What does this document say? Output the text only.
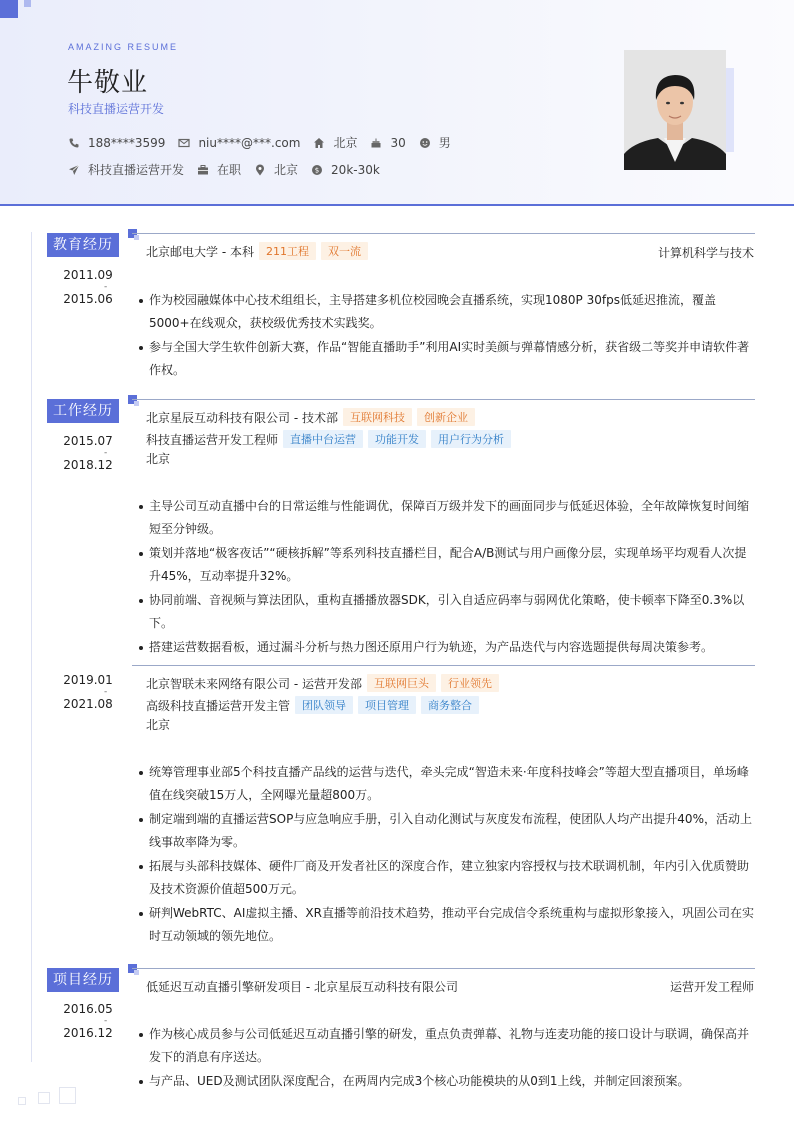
AMAZING RESUME
牛敬业
科技直播运营开发
188****3599	niu****@***.com	北京	30	男
科技直播运营开发	在职	北京 $ 20k-30k
教育经历
2011.09
-
2015.06
北京邮电大学 - 本科	211工程	双一流	计算机科学与技术
作为校园融媒体中心技术组组长，主导搭建多机位校园晚会直播系统，实现1080P 30fps低延迟推流，覆盖5000+在线观众，获校级优秀技术实践奖。
参与全国大学生软件创新大赛，作品“智能直播助手”利用AI实时美颜与弹幕情感分析，获省级二等奖并申请软件著作权。
工作经历
2015.07
-
2018.12
北京星辰互动科技有限公司 - 技术部	互联网科技	创新企业
科技直播运营开发工程师	直播中台运营	功能开发	用户行为分析
北京
主导公司互动直播中台的日常运维与性能调优，保障百万级并发下的画面同步与低延迟体验，全年故障恢复时间缩短至分钟级。
策划并落地“极客夜话”“硬核拆解”等系列科技直播栏目，配合A/B测试与用户画像分层，实现单场平均观看人次提升45%，互动率提升32%。
协同前端、音视频与算法团队，重构直播播放器SDK，引入自适应码率与弱网优化策略，使卡顿率下降至0.3%以下。
搭建运营数据看板，通过漏斗分析与热力图还原用户行为轨迹，为产品迭代与内容选题提供每周决策参考。
2019.01
-
2021.08
北京智联未来网络有限公司 - 运营开发部	互联网巨头	行业领先
高级科技直播运营开发主管	团队领导	项目管理	商务整合
北京
统筹管理事业部5个科技直播产品线的运营与迭代，牵头完成“智造未来·年度科技峰会”等超大型直播项目，单场峰值在线突破15万人，全网曝光量超800万。
制定端到端的直播运营SOP与应急响应手册，引入自动化测试与灰度发布流程，使团队人均产出提升40%，活动上线事故率降为零。
拓展与头部科技媒体、硬件厂商及开发者社区的深度合作，建立独家内容授权与技术联调机制，年内引入优质赞助及技术资源价值超500万元。
研判WebRTC、AI虚拟主播、XR直播等前沿技术趋势，推动平台完成信令系统重构与虚拟形象接入，巩固公司在实时互动领域的领先地位。
项目经历
2016.05
-
2016.12
低延迟互动直播引擎研发项目 - 北京星辰互动科技有限公司	运营开发工程师
作为核心成员参与公司低延迟互动直播引擎的研发，重点负责弹幕、礼物与连麦功能的接口设计与联调，确保高并发下的消息有序送达。
与产品、UED及测试团队深度配合，在两周内完成3个核心功能模块的从0到1上线，并制定回滚预案。
